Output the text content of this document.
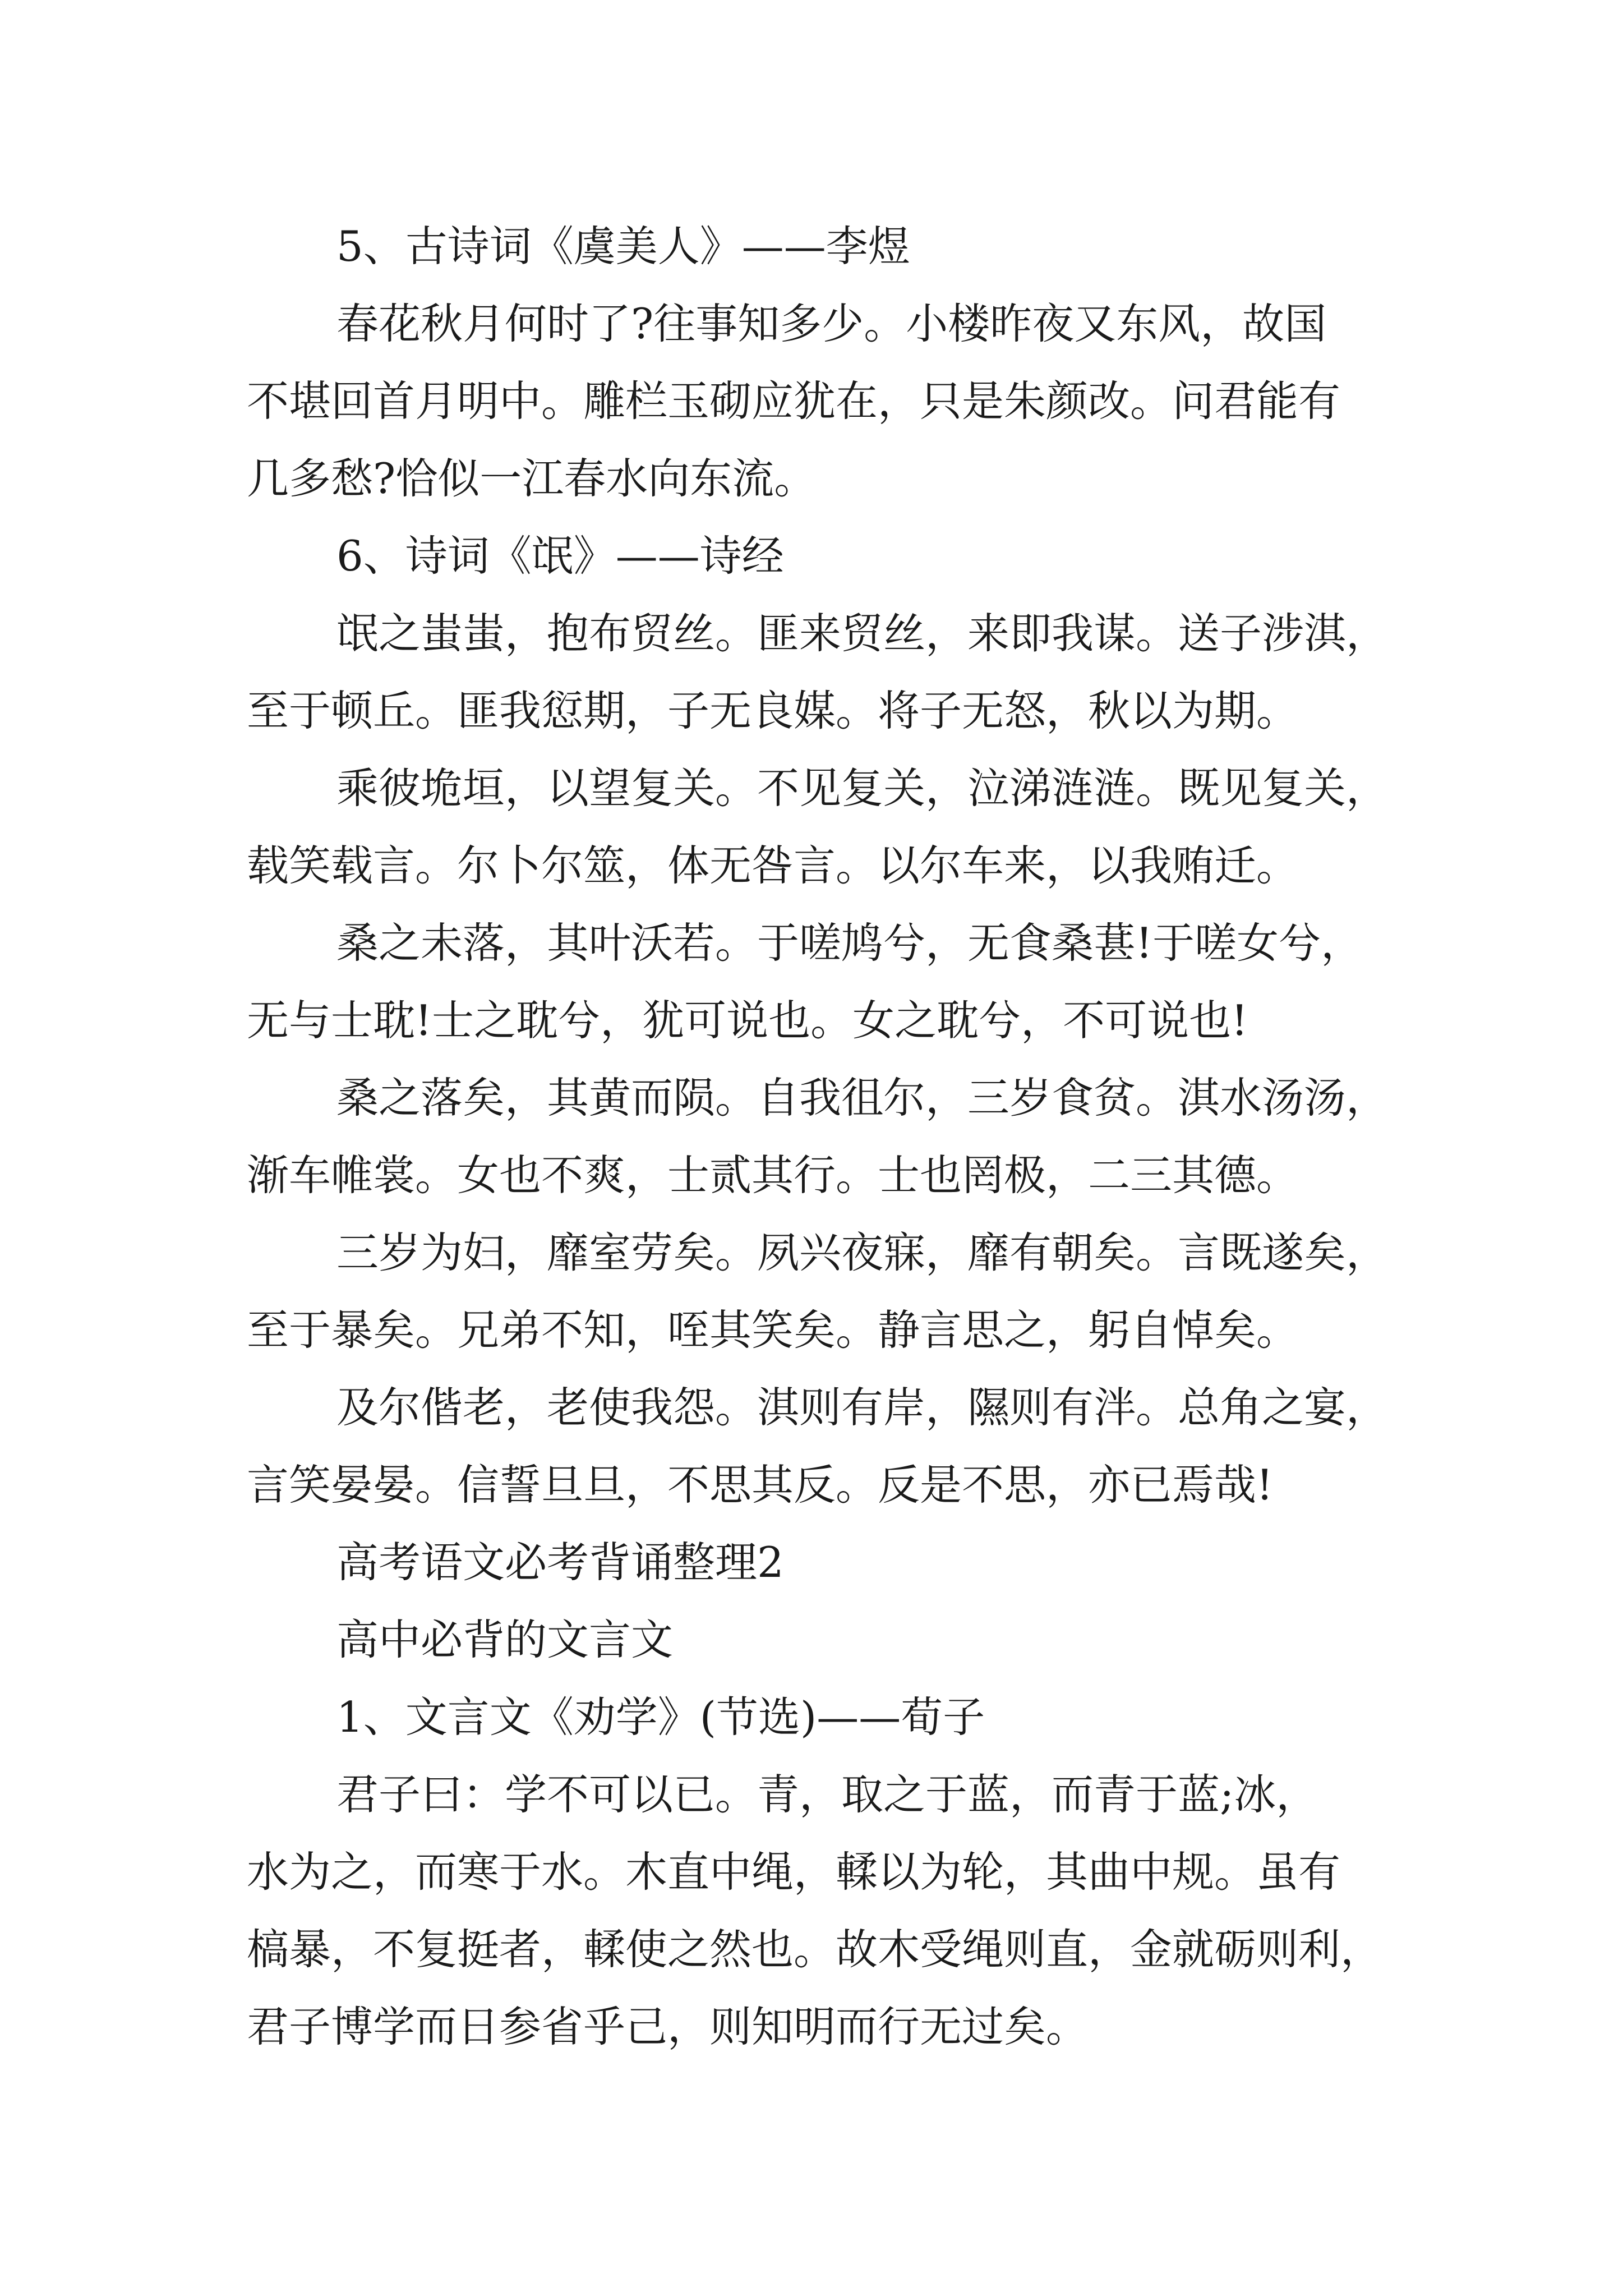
5、古诗词《虞美人》——李煜

春花秋月何时了?往事知多少。小楼昨夜又东风，故国

不堪回首月明中。雕栏玉砌应犹在，只是朱颜改。问君能有

几多愁?恰似一江春水向东流。

6、诗词《氓》——诗经

氓之蚩蚩，抱布贸丝。匪来贸丝，来即我谋。送子涉淇，

至于顿丘。匪我愆期，子无良媒。将子无怒，秋以为期。

乘彼垝垣，以望复关。不见复关，泣涕涟涟。既见复关，

载笑载言。尔卜尔筮，体无咎言。以尔车来，以我贿迁。

桑之未落，其叶沃若。于嗟鸠兮，无食桑葚!于嗟女兮，

无与士耽!士之耽兮，犹可说也。女之耽兮，不可说也!

桑之落矣，其黄而陨。自我徂尔，三岁食贫。淇水汤汤，

渐车帷裳。女也不爽，士贰其行。士也罔极，二三其德。

三岁为妇，靡室劳矣。夙兴夜寐，靡有朝矣。言既遂矣，

至于暴矣。兄弟不知，咥其笑矣。静言思之，躬自悼矣。

及尔偕老，老使我怨。淇则有岸，隰则有泮。总角之宴，

言笑晏晏。信誓旦旦，不思其反。反是不思，亦已焉哉!

高考语文必考背诵整理2

高中必背的文言文

1、文言文《劝学》(节选)——荀子

君子曰：学不可以已。青，取之于蓝，而青于蓝;冰，

水为之，而寒于水。木直中绳，輮以为轮，其曲中规。虽有

槁暴，不复挺者，輮使之然也。故木受绳则直，金就砺则利，

君子博学而日参省乎己，则知明而行无过矣。
